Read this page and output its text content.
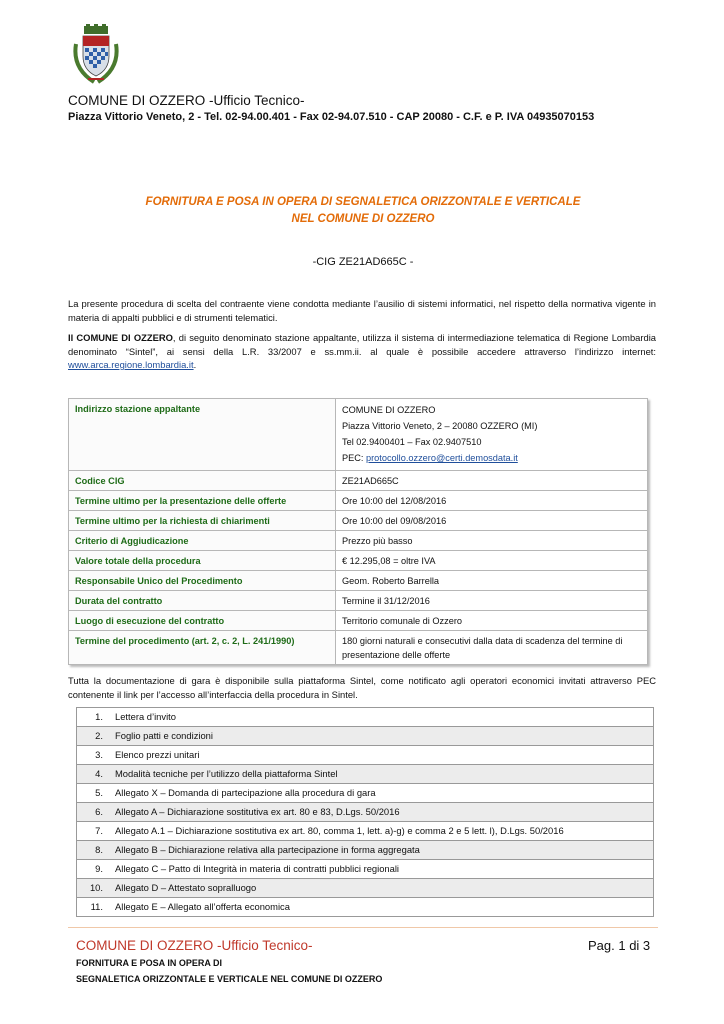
COMUNE DI OZZERO -Ufficio Tecnico-
Piazza Vittorio Veneto, 2 - Tel. 02-94.00.401 - Fax 02-94.07.510 - CAP 20080 - C.F. e P. IVA 04935070153
FORNITURA E POSA IN OPERA DI SEGNALETICA ORIZZONTALE E VERTICALE
NEL COMUNE DI OZZERO
-CIG ZE21AD665C -
La presente procedura di scelta del contraente viene condotta mediante l’ausilio di sistemi informatici, nel rispetto della normativa vigente in materia di appalti pubblici e di strumenti telematici.
Il COMUNE DI OZZERO, di seguito denominato stazione appaltante, utilizza il sistema di intermediazione telematica di Regione Lombardia denominato “Sintel”, ai sensi della L.R. 33/2007 e ss.mm.ii. al quale è possibile accedere attraverso l’indirizzo internet: www.arca.regione.lombardia.it.
Indirizzo stazione appaltante	COMUNE DI OZZERO
Piazza Vittorio Veneto, 2 – 20080 OZZERO (MI)
Tel 02.9400401 – Fax 02.9407510
PEC: protocollo.ozzero@certi.demosdata.it

Codice CIG	ZE21AD665C
Termine ultimo per la presentazione delle offerte	Ore 10:00 del 12/08/2016
Termine ultimo per la richiesta di chiarimenti	Ore 10:00 del 09/08/2016
Criterio di Aggiudicazione	Prezzo più basso
Valore totale della procedura	€ 12.295,08 = oltre IVA
Responsabile Unico del Procedimento	Geom. Roberto Barrella
Durata del contratto	Termine il 31/12/2016
Luogo di esecuzione del contratto	Territorio comunale di Ozzero
Termine del procedimento (art. 2, c. 2, L. 241/1990)	180 giorni naturali e consecutivi dalla data di scadenza del termine di presentazione delle offerte
Tutta la documentazione di gara è disponibile sulla piattaforma Sintel, come notificato agli operatori economici invitati attraverso PEC contenente il link per l’accesso all’interfaccia della procedura in Sintel.
1.	Lettera d’invito
2.	Foglio patti e condizioni
3.	Elenco prezzi unitari
4.	Modalità tecniche per l’utilizzo della piattaforma Sintel
5.	Allegato X – Domanda di partecipazione alla procedura di gara
6.	Allegato A – Dichiarazione sostitutiva ex art. 80 e 83, D.Lgs. 50/2016
7.	Allegato A.1 – Dichiarazione sostitutiva ex art. 80, comma 1, lett. a)-g) e comma 2 e 5 lett. l), D.Lgs. 50/2016
8.	Allegato B – Dichiarazione relativa alla partecipazione in forma aggregata
9.	Allegato C – Patto di Integrità in materia di contratti pubblici regionali
10.	Allegato D – Attestato sopralluogo
11.	Allegato E – Allegato all’offerta economica
COMUNE DI OZZERO -Ufficio Tecnico-	Pag. 1 di 3
FORNITURA E POSA IN OPERA DI
SEGNALETICA ORIZZONTALE E VERTICALE NEL COMUNE DI OZZERO
